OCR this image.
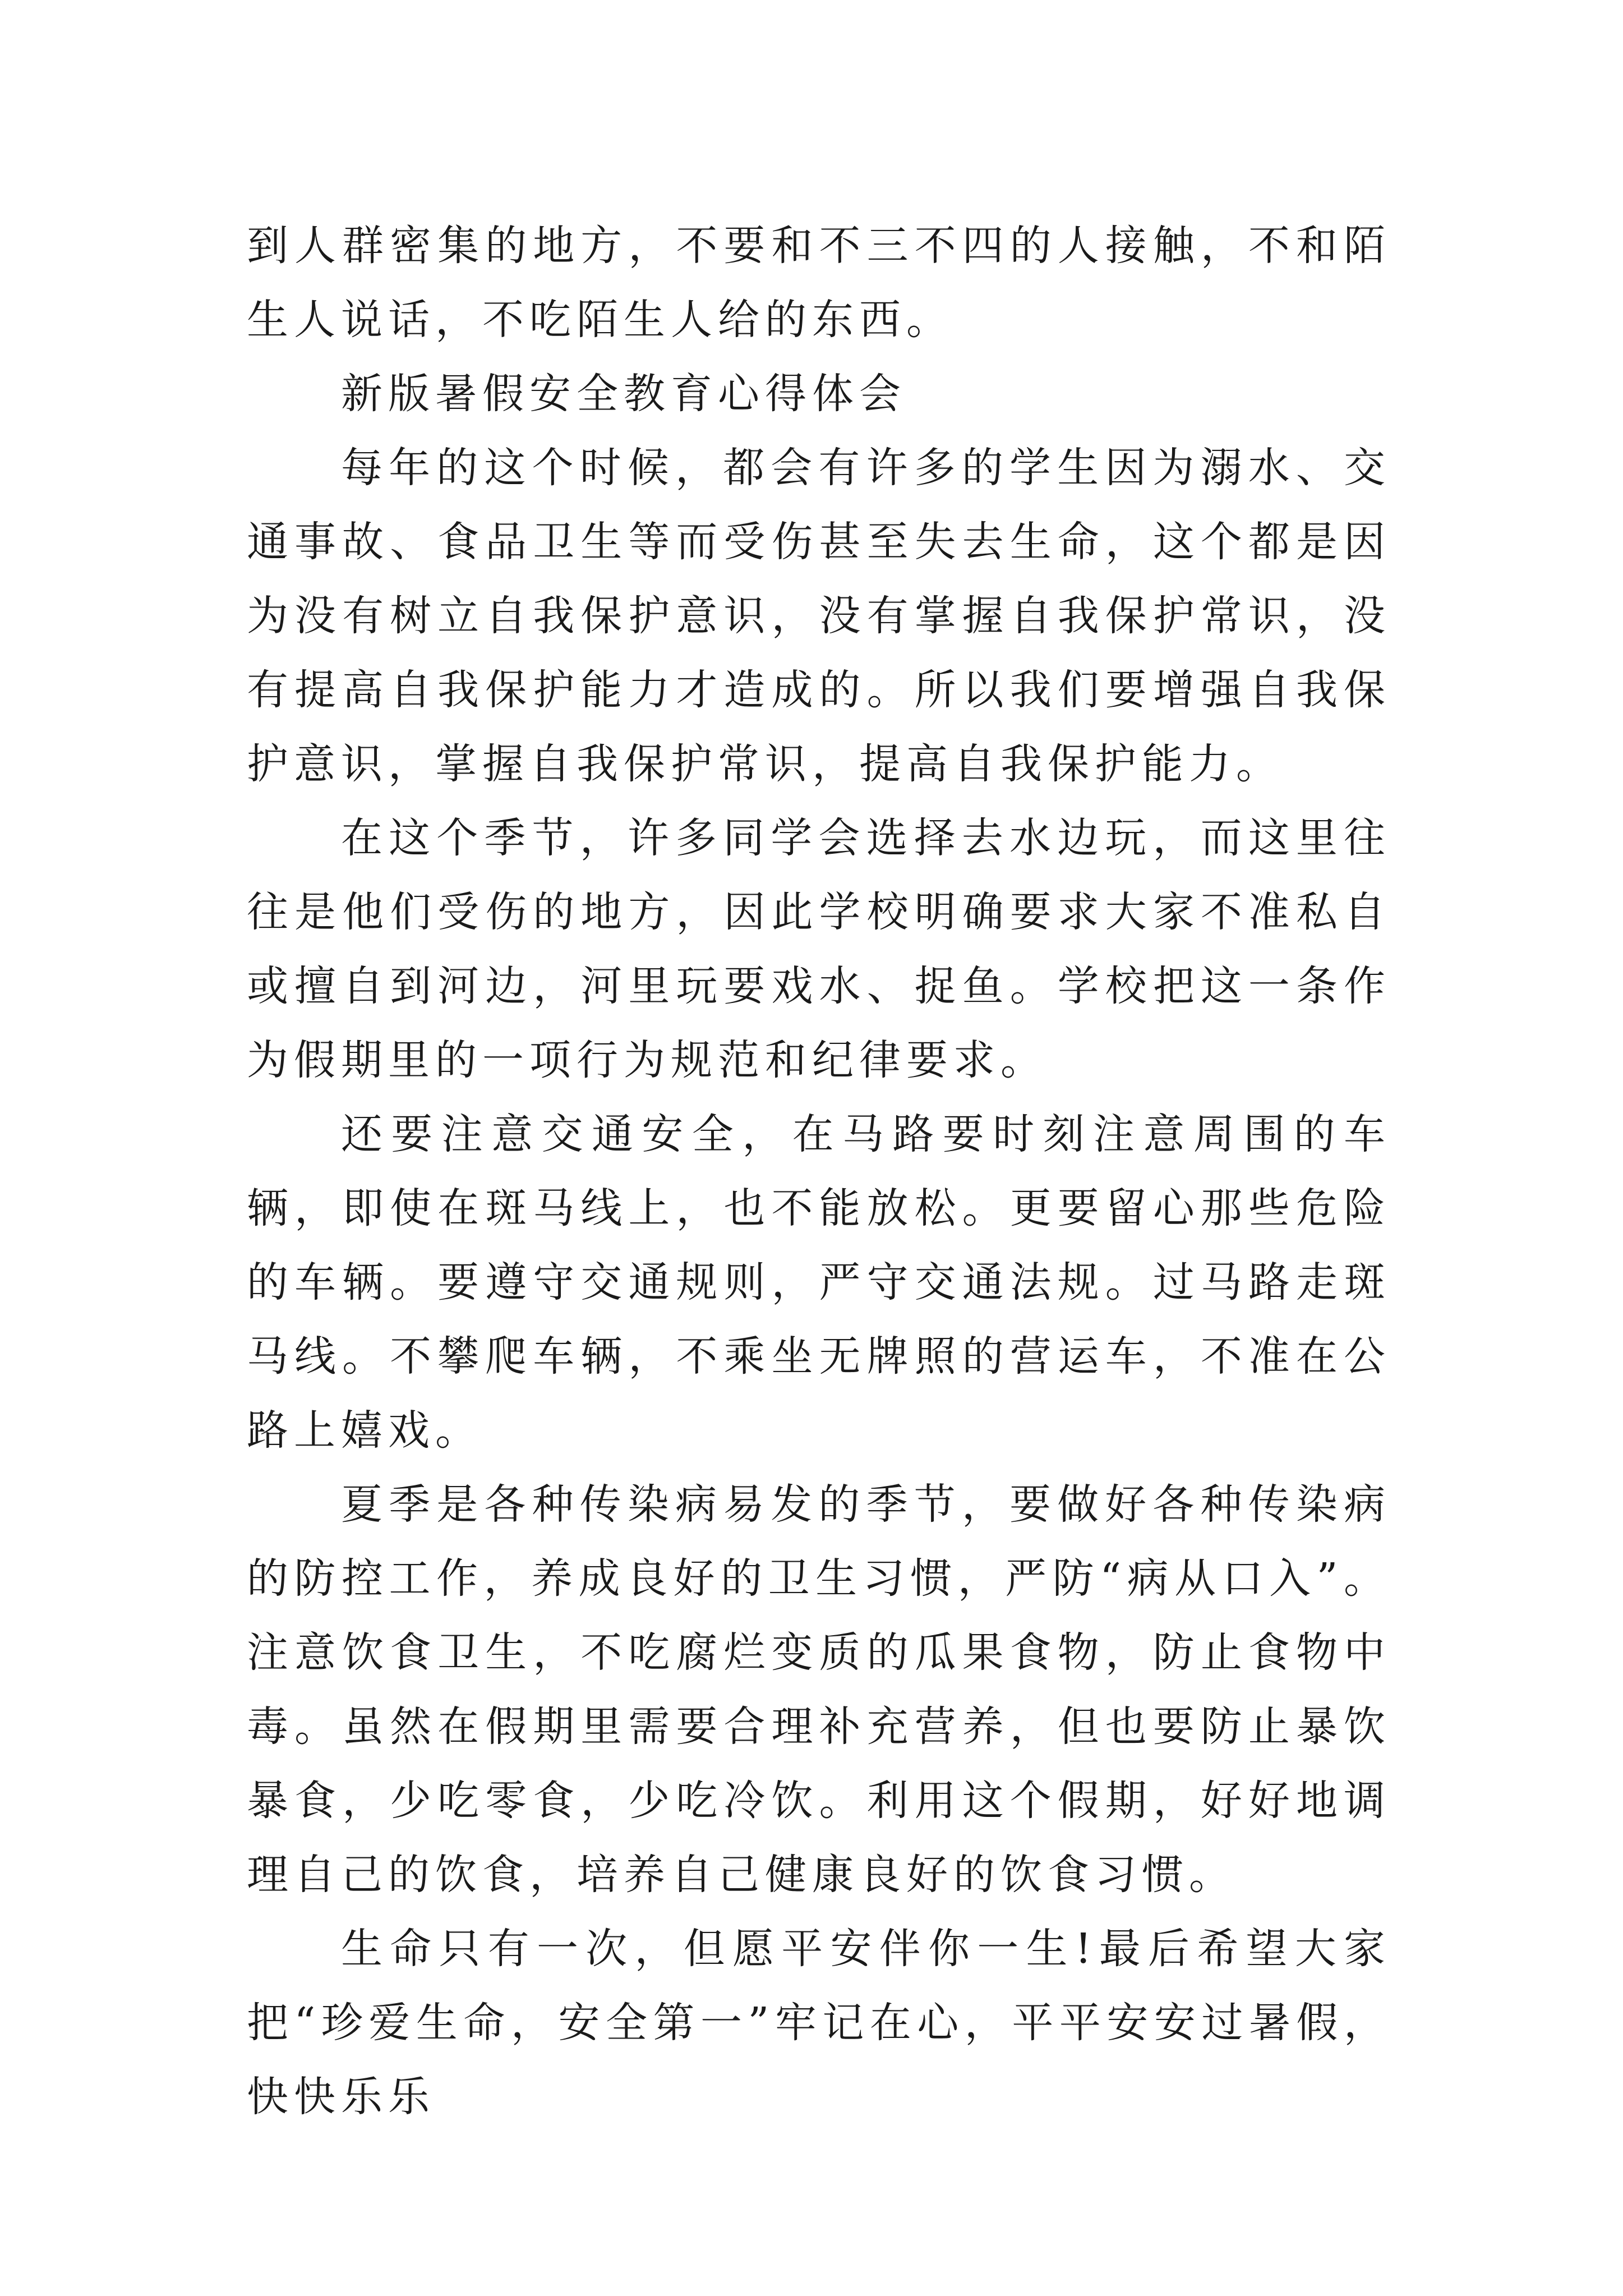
到人群密集的地方，不要和不三不四的人接触，不和陌生人说话，不吃陌生人给的东西。

新版暑假安全教育心得体会

每年的这个时候，都会有许多的学生因为溺水、交通事故、食品卫生等而受伤甚至失去生命，这个都是因为没有树立自我保护意识，没有掌握自我保护常识，没有提高自我保护能力才造成的。所以我们要增强自我保护意识，掌握自我保护常识，提高自我保护能力。

在这个季节，许多同学会选择去水边玩，而这里往往是他们受伤的地方，因此学校明确要求大家不准私自或擅自到河边，河里玩要戏水、捉鱼。学校把这一条作为假期里的一项行为规范和纪律要求。

还要注意交通安全，在马路要时刻注意周围的车辆，即使在斑马线上，也不能放松。更要留心那些危险的车辆。要遵守交通规则，严守交通法规。过马路走斑马线。不攀爬车辆，不乘坐无牌照的营运车，不准在公路上嬉戏。

夏季是各种传染病易发的季节，要做好各种传染病的防控工作，养成良好的卫生习惯，严防“病从口入”。注意饮食卫生，不吃腐烂变质的瓜果食物，防止食物中毒。虽然在假期里需要合理补充营养，但也要防止暴饮暴食，少吃零食，少吃冷饮。利用这个假期，好好地调理自己的饮食，培养自己健康良好的饮食习惯。

生命只有一次，但愿平安伴你一生!最后希望大家把“珍爱生命，安全第一”牢记在心，平平安安过暑假，快快乐乐
